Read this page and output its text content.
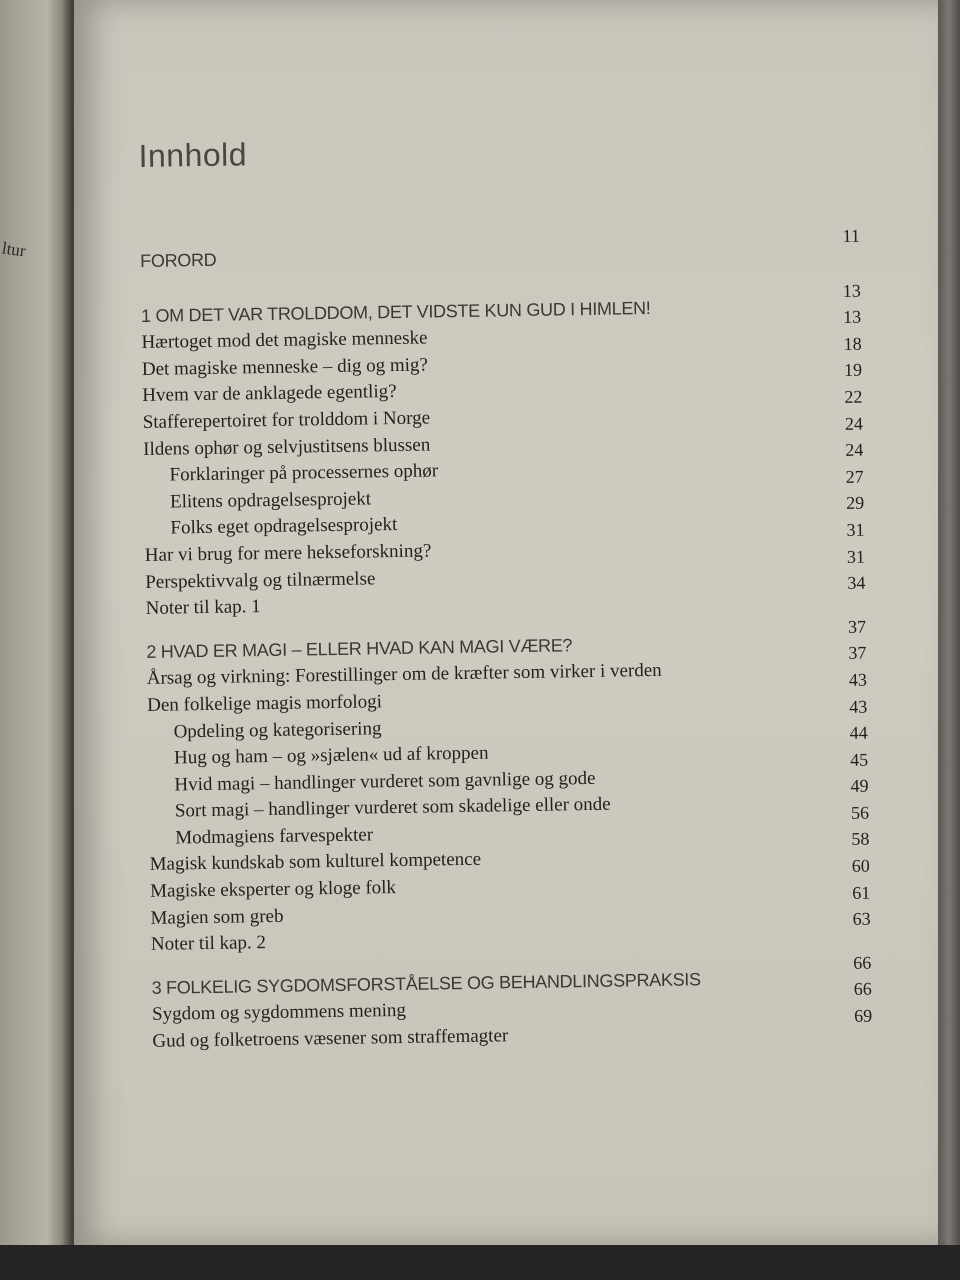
ltur
Innhold
FORORD
11
1 OM DET VAR TROLDDOM, DET VIDSTE KUN GUD I HIMLEN!
13
Hærtoget mod det magiske menneske
13
Det magiske menneske – dig og mig?
18
Hvem var de anklagede egentlig?
19
Stafferepertoiret for trolddom i Norge
22
Ildens ophør og selvjustitsens blussen
24
Forklaringer på processernes ophør
24
Elitens opdragelsesprojekt
27
Folks eget opdragelsesprojekt
29
Har vi brug for mere hekseforskning?
31
Perspektivvalg og tilnærmelse
31
Noter til kap. 1
34
2 HVAD ER MAGI – ELLER HVAD KAN MAGI VÆRE?
37
Årsag og virkning: Forestillinger om de kræfter som virker i verden
37
Den folkelige magis morfologi
43
Opdeling og kategorisering
43
Hug og ham – og »sjælen« ud af kroppen
44
Hvid magi – handlinger vurderet som gavnlige og gode
45
Sort magi – handlinger vurderet som skadelige eller onde
49
Modmagiens farvespekter
56
Magisk kundskab som kulturel kompetence
58
Magiske eksperter og kloge folk
60
Magien som greb
61
Noter til kap. 2
63
3 FOLKELIG SYGDOMSFORSTÅELSE OG BEHANDLINGSPRAKSIS
66
Sygdom og sygdommens mening
66
Gud og folketroens væsener som straffemagter
69
